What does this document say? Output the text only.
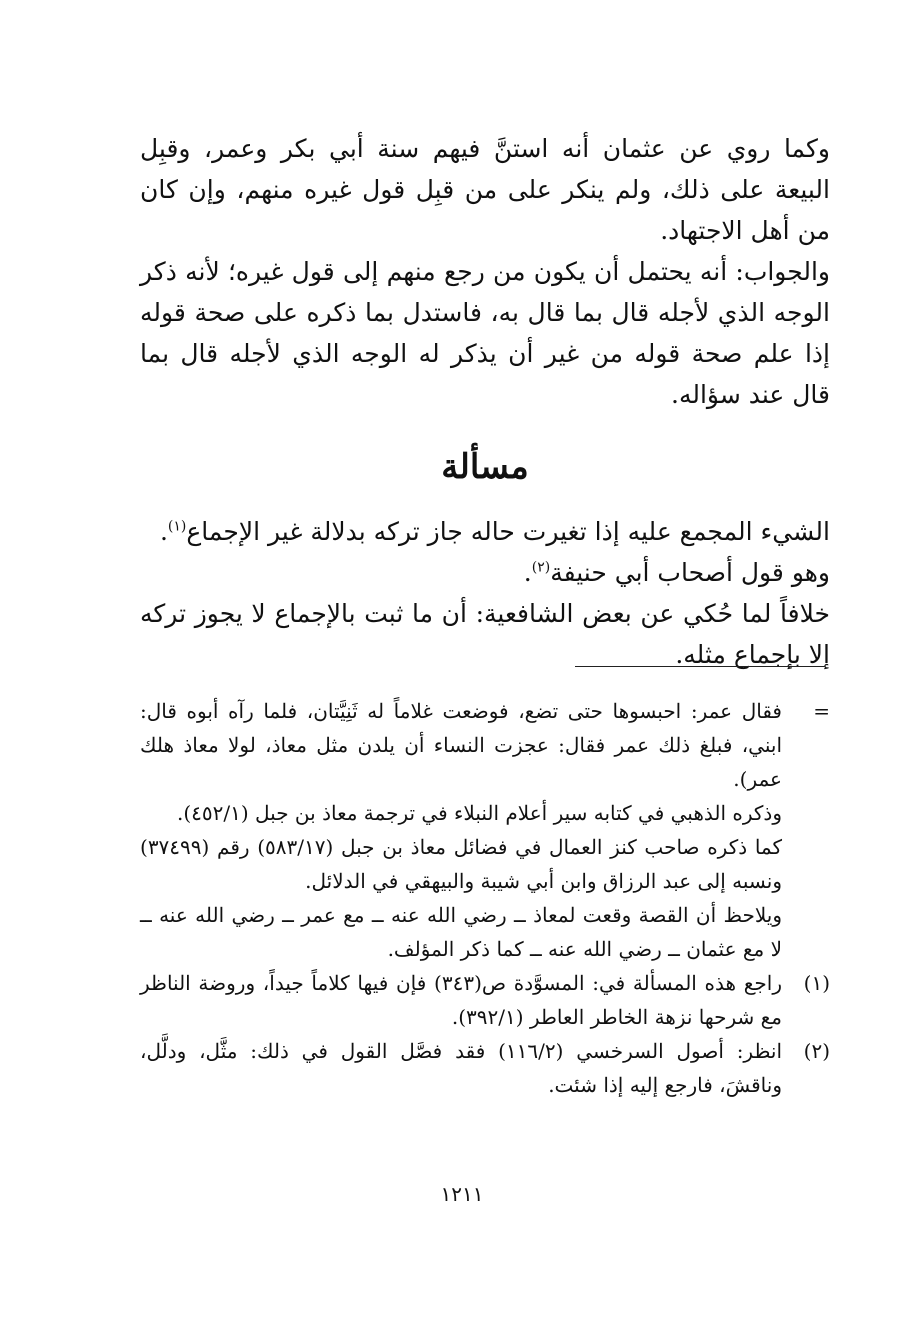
وكما روي عن عثمان أنه استنَّ فيهم سنة أبي بكر وعمر، وقبِل البيعة على ذلك، ولم ينكر على من قبِل قول غيره منهم، وإن كان من أهل الاجتهاد.

والجواب: أنه يحتمل أن يكون من رجع منهم إلى قول غيره؛ لأنه ذكر الوجه الذي لأجله قال بما قال به، فاستدل بما ذكره على صحة قوله إذا علم صحة قوله من غير أن يذكر له الوجه الذي لأجله قال بما قال عند سؤاله.

مسألة

الشيء المجمع عليه إذا تغيرت حاله جاز تركه بدلالة غير الإجماع$^{(١)}$.

وهو قول أصحاب أبي حنيفة$^{(٢)}$.

خلافاً لما حُكي عن بعض الشافعية: أن ما ثبت بالإجماع لا يجوز تركه إلا بإجماع مثله.

=

فقال عمر: احبسوها حتى تضع، فوضعت غلاماً له ثَنِيَّتان، فلما رآه أبوه قال: ابني، فبلغ ذلك عمر فقال: عجزت النساء أن يلدن مثل معاذ، لولا معاذ هلك عمر).

وذكره الذهبي في كتابه سير أعلام النبلاء في ترجمة معاذ بن جبل (٤٥٢/١).

كما ذكره صاحب كنز العمال في فضائل معاذ بن جبل (٥٨٣/١٧) رقم (٣٧٤٩٩) ونسبه إلى عبد الرزاق وابن أبي شيبة والبيهقي في الدلائل.

ويلاحظ أن القصة وقعت لمعاذ ــ رضي الله عنه ــ مع عمر ــ رضي الله عنه ــ لا مع عثمان ــ رضي الله عنه ــ كما ذكر المؤلف.

(١)

راجع هذه المسألة في: المسوَّدة ص(٣٤٣) فإن فيها كلاماً جيداً، وروضة الناظر مع شرحها نزهة الخاطر العاطر (٣٩٢/١).

(٢)

انظر: أصول السرخسي (١١٦/٢) فقد فصَّل القول في ذلك: مثَّل، ودلَّل، وناقشَ، فارجع إليه إذا شئت.

١٢١١
